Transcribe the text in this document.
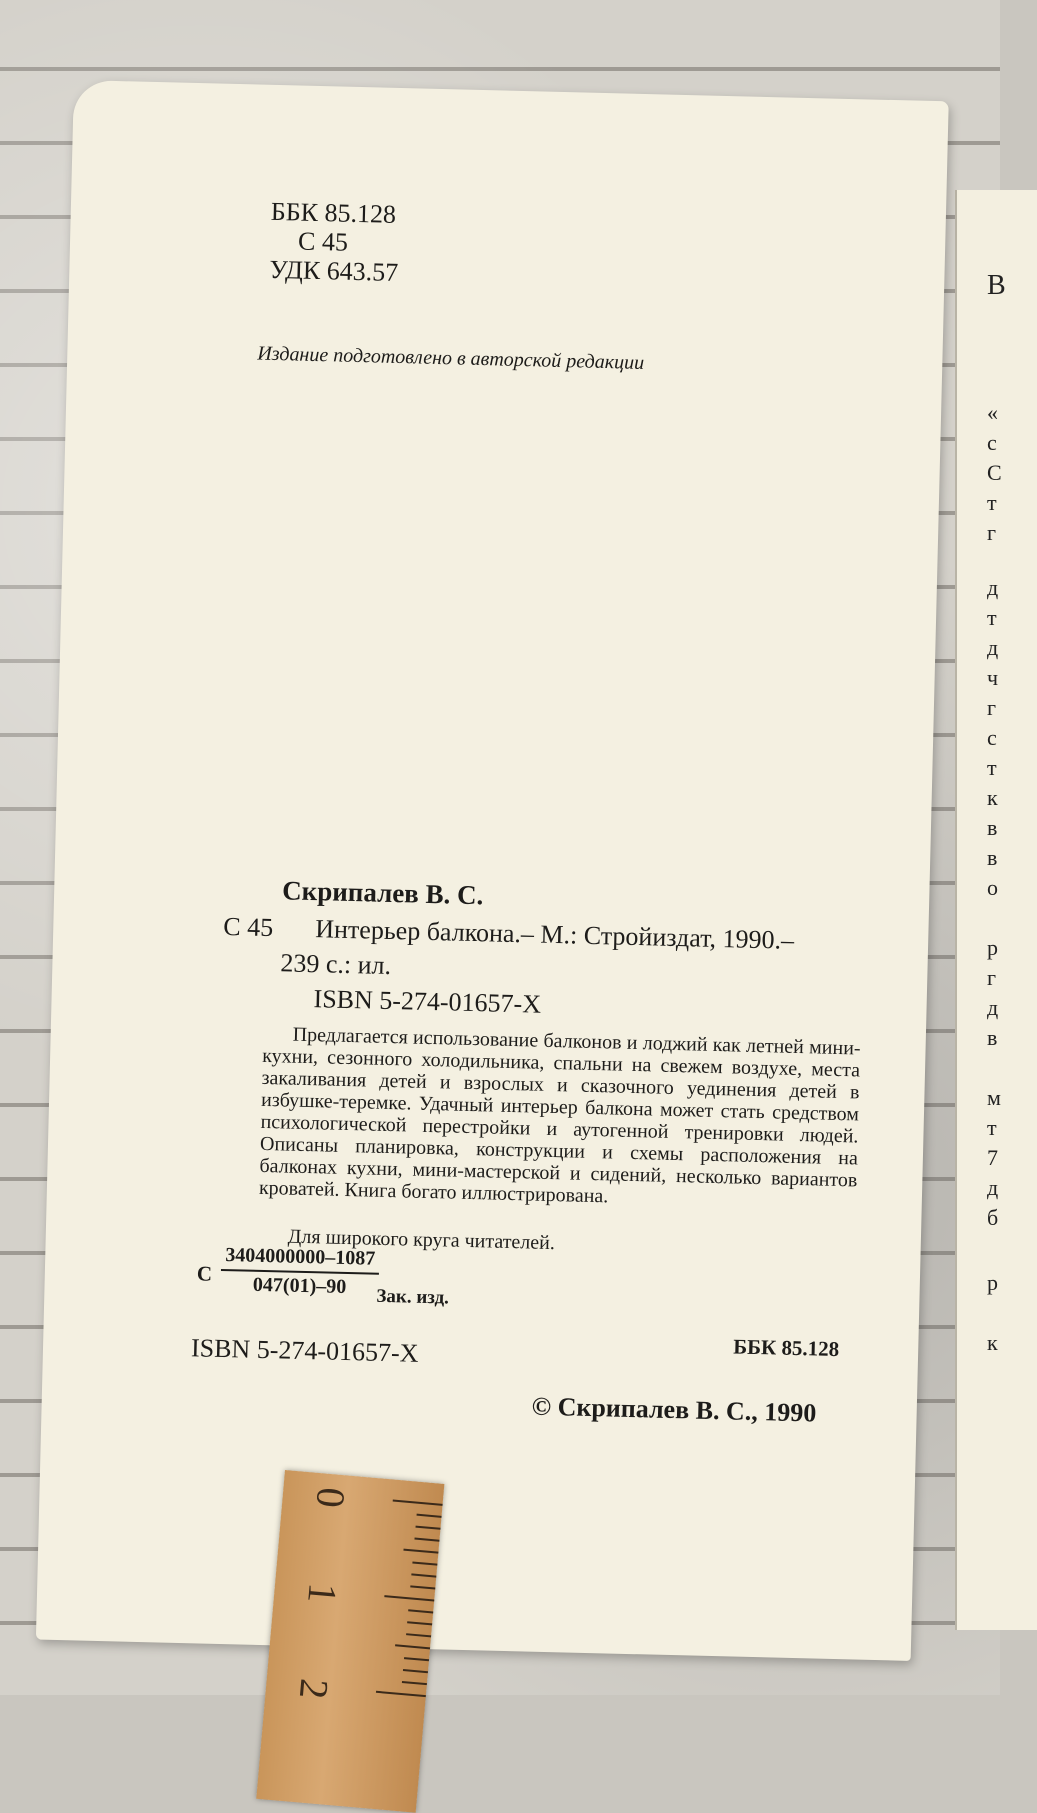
В
«
с
С
т
г
д
т
д
ч
г
с
т
к
в
в
о
р
г
д
в
м
т
7
д
б
р
к
ББК 85.128
С 45
УДК 643.57
Издание подготовлено в авторской редакции
Скрипалев В. С.
С 45 Интерьер балкона.– М.: Стройиздат, 1990.–
239 с.: ил.
ISBN 5-274-01657-X
Предлагается использование балконов и лоджий как летней мини-кухни, сезонного холодильника, спальни на свежем воздухе, места закаливания детей и взрослых и сказочного уединения детей в избушке-теремке. Удачный интерьер балкона может стать средством психологической перестройки и аутогенной тренировки людей. Описаны планировка, конструкции и схемы расположения на балконах кухни, мини-мастерской и сидений, несколько вариантов кроватей. Книга богато иллюстрирована.
Для широкого круга читателей.
С $\frac{3404000000-1087}{047(01)-90}$
Зак. изд.
ББК 85.128
ISBN 5-274-01657-X
© Скрипалев В. С., 1990
0
1
2
